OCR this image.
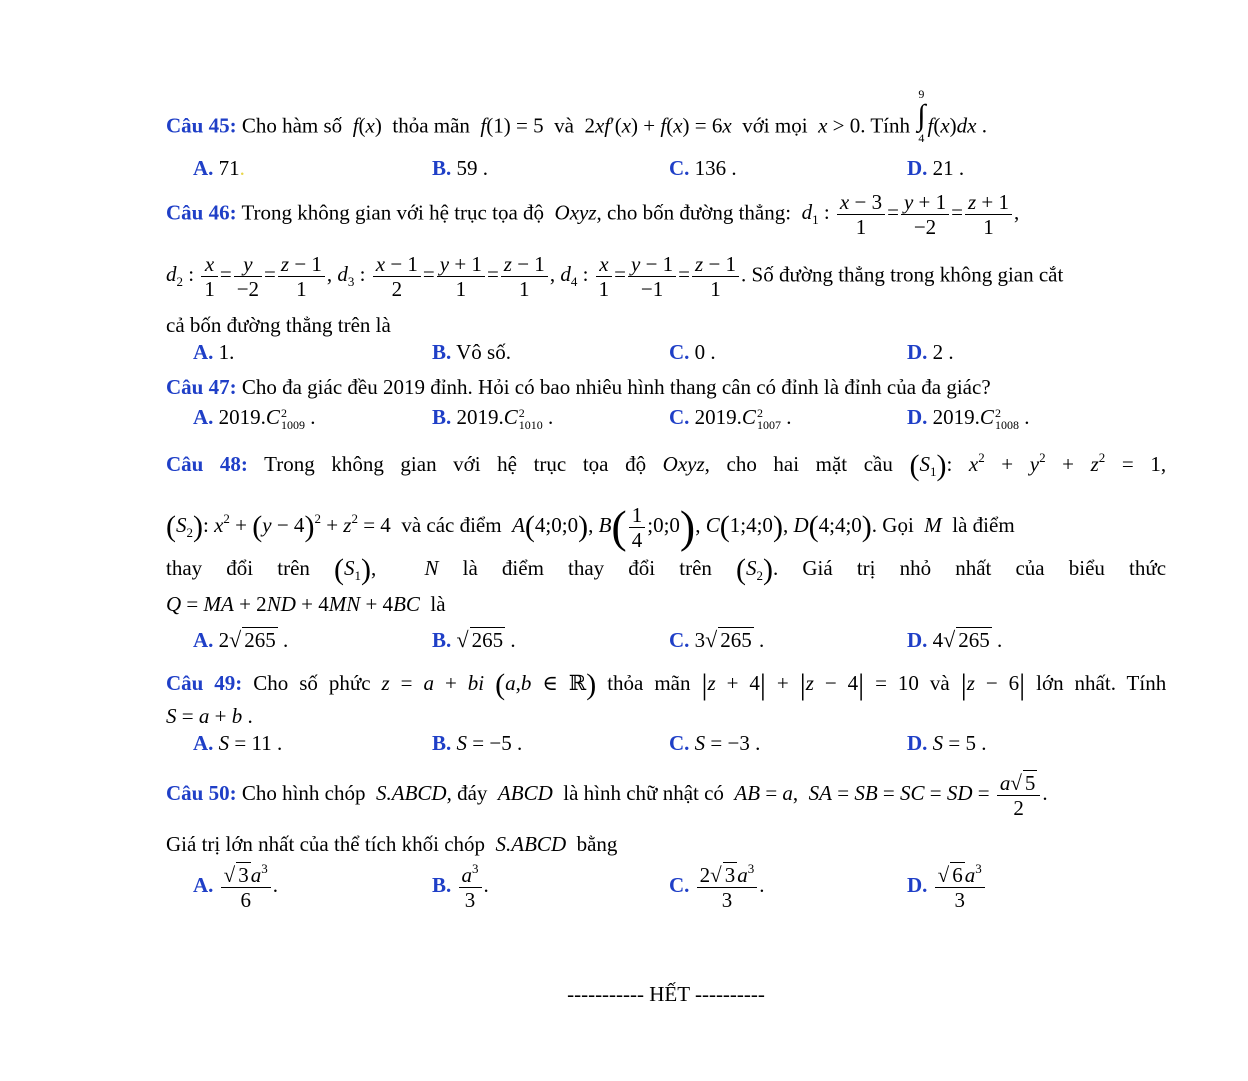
Câu 45: Cho hàm số f(x)  thỏa mãn f(1) = 5  và  2xf′(x) + f(x) = 6x với mọi x > 0. Tính 9
∫
4 f(x)dx .
A. 71.	B. 59 .	C. 136 .	D. 21 .
Câu 46: Trong không gian với hệ trục tọa độ Oxyz, cho bốn đường thẳng: $d_1$ : $\frac{x - 3}{1} = \frac{y + 1}{-2} = \frac{z + 1}{1}$ ,
$d_2$ : $\frac{x}{1} = \frac{y}{-2} = \frac{z - 1}{1}$ , $d_3$ : $\frac{x - 1}{2} = \frac{y + 1}{1} = \frac{z - 1}{1}$ , $d_4$ : $\frac{x}{1} = \frac{y - 1}{-1} = \frac{z - 1}{1}$ . Số đường thẳng trong không gian cắt
cả bốn đường thẳng trên là
A. 1.	B. Vô số.	C. 0 .	D. 2 .
Câu 47: Cho đa giác đều 2019 đỉnh. Hỏi có bao nhiêu hình thang cân có đỉnh là đỉnh của đa giác?
A. 2019.C 2
1009 .	B. 2019.C 2
1010 .	C. 2019.C 2
1007 .	D. 2019.C 2
1008 .
Câu 48: Trong không gian với hệ trục tọa độ Oxyz, cho hai mặt cầu $(S_1)$: $x^2 + y^2 + z^2 = 1$,
$(S_2)$: $x^2 + (y - 4)^2 + z^2 = 4$ và các điểm A(4;0;0), $B( \frac{1}{4}$ ;0;0), C(1;4;0), D(4;4;0). Gọi M là điểm
thay đổi trên $(S_1)$,  N là điểm thay đổi trên $(S_2)$. Giá trị nhỏ nhất của biểu thức
Q = MA + 2ND + 4MN + 4BC là
A. 2√ 265 .	B. √ 265 .	C. 3√ 265 .	D. 4√ 265 .
Câu 49: Cho số phức z = a + bi (a,b ∈ ℝ) thỏa mãn |z + 4| + |z − 4| = 10 và |z − 6| lớn nhất. Tính
S = a + b .
A. S = 11 .	B. S = −5 .	C. S = −3 .	D. S = 5 .
Câu 50: Cho hình chóp S.ABCD, đáy ABCD là hình chữ nhật có AB = a,  SA = SB = SC = SD = $\frac{a√ 5}{2}$ .
Giá trị lớn nhất của thể tích khối chóp S.ABCD bằng
A. $\frac{√ 3a^3}{6}$ .	B. $\frac{a^3}{3}$ .	C. $\frac{2√ 3a^3}{3}$ .	D. $\frac{√ 6a^3}{3}$
----------- HẾT ----------
